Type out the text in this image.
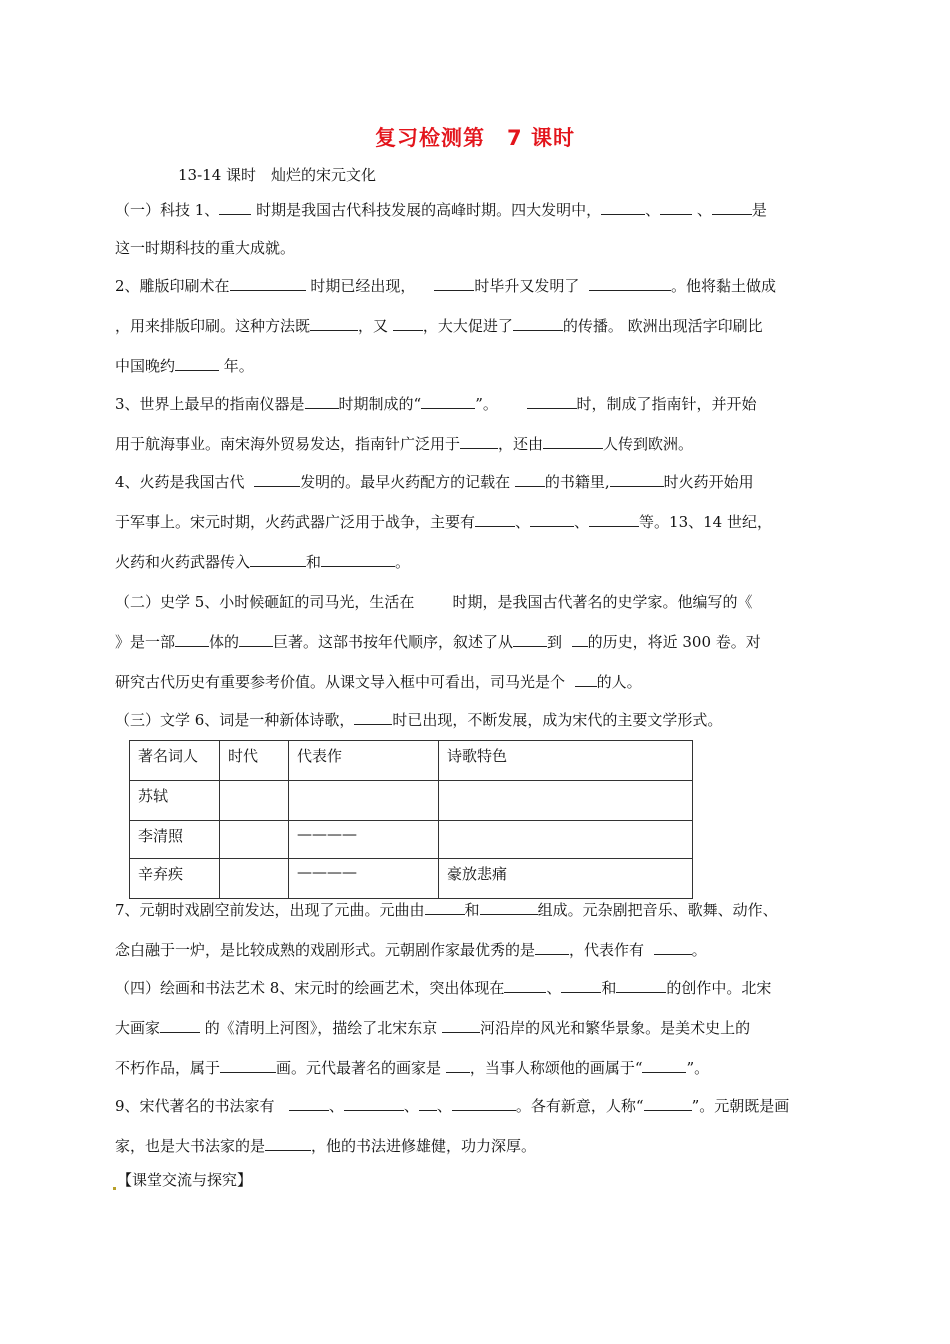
复习检测第　7 课时
13-14 课时　灿烂的宋元文化
（一）科技 1、 时期是我国古代科技发展的高峰时期。四大发明中，	、 、	是
这一时期科技的重大成就。
2、雕版印刷术在	时期已经出现，	时毕升又发明了	。他将黏土做成
，用来排版印刷。这种方法既	，又 ，大大促进了	的传播。 欧洲出现活字印刷比
中国晚约	年。
3、世界上最早的指南仪器是 时期制成的“	”。	时，制成了指南针，并开始
用于航海事业。南宋海外贸易发达，指南针广泛用于	，还由	人传到欧洲。
4、火药是我国古代	发明的。最早火药配方的记载在 的书籍里,	时火药开始用
于军事上。宋元时期，火药武器广泛用于战争，主要有	、	、	等。13、14 世纪，
火药和火药武器传入	和	。
（二）史学 5、小时候砸缸的司马光，生活在	时期，是我国古代著名的史学家。他编写的《
》是一部 体的 巨著。这部书按年代顺序，叙述了从 到 的历史，将近 300 卷。对
研究古代历史有重要参考价值。从课文导入框中可看出，司马光是个 的人。
（三）文学 6、词是一种新体诗歌，	时已出现，不断发展，成为宋代的主要文学形式。
著名词人	时代	代表作	诗歌特色
苏轼			
李清照		————	
辛弃疾		————	豪放悲痛
7、元朝时戏剧空前发达，出现了元曲。元曲由	和	组成。元杂剧把音乐、歌舞、动作、
念白融于一炉，是比较成熟的戏剧形式。元朝剧作家最优秀的是 ，代表作有	。
（四）绘画和书法艺术 8、宋元时的绘画艺术，突出体现在	、	和	的创作中。北宋
大画家	的《清明上河图》，描绘了北宋东京	河沿岸的风光和繁华景象。是美术史上的
不朽作品，属于	画。元代最著名的画家是 ，当事人称颂他的画属于“	”。
9、宋代著名的书法家有	、	、 、	。各有新意，人称“	”。元朝既是画
家，也是大书法家的是	，他的书法进修雄健，功力深厚。
【课堂交流与探究】
